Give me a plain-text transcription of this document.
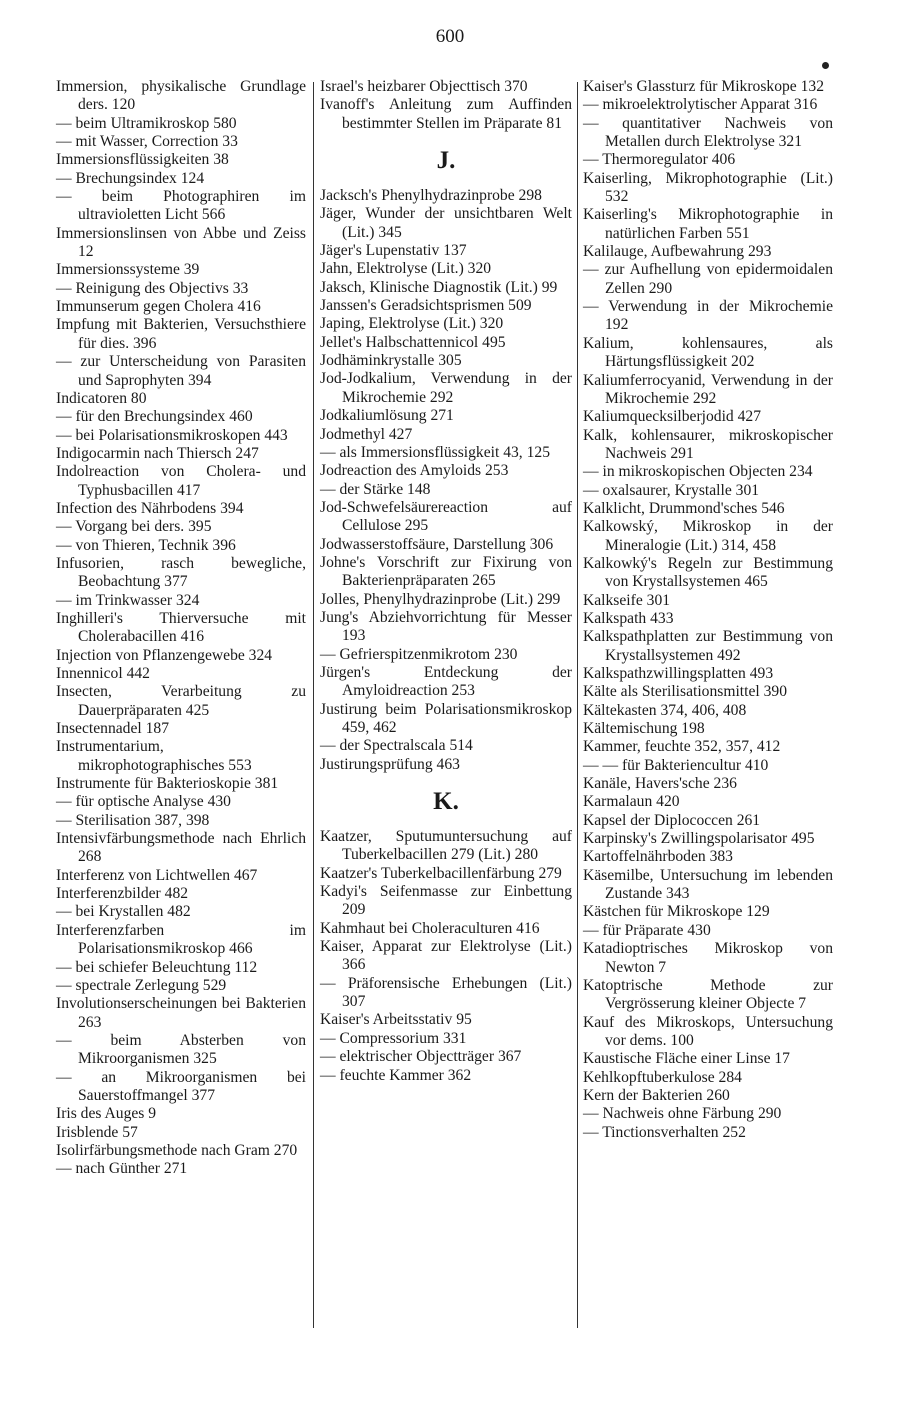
600
Immersion, physikalische Grundlage ders. 120
— beim Ultramikroskop 580
— mit Wasser, Correction 33
Immersionsflüssigkeiten 38
— Brechungsindex 124
— beim Photographiren im ultravioletten Licht 566
Immersionslinsen von Abbe und Zeiss 12
Immersionssysteme 39
— Reinigung des Objectivs 33
Immunserum gegen Cholera 416
Impfung mit Bakterien, Versuchsthiere für dies. 396
— zur Unterscheidung von Parasiten und Saprophyten 394
Indicatoren 80
— für den Brechungsindex 460
— bei Polarisationsmikroskopen 443
Indigocarmin nach Thiersch 247
Indolreaction von Cholera- und Typhusbacillen 417
Infection des Nährbodens 394
— Vorgang bei ders. 395
— von Thieren, Technik 396
Infusorien, rasch bewegliche, Beobachtung 377
— im Trinkwasser 324
Inghilleri's Thierversuche mit Cholerabacillen 416
Injection von Pflanzengewebe 324
Innennicol 442
Insecten, Verarbeitung zu Dauerpräparaten 425
Insectennadel 187
Instrumentarium, mikrophotographisches 553
Instrumente für Bakterioskopie 381
— für optische Analyse 430
— Sterilisation 387, 398
Intensivfärbungsmethode nach Ehrlich 268
Interferenz von Lichtwellen 467
Interferenzbilder 482
— bei Krystallen 482
Interferenzfarben im Polarisationsmikroskop 466
— bei schiefer Beleuchtung 112
— spectrale Zerlegung 529
Involutionserscheinungen bei Bakterien 263
— beim Absterben von Mikroorganismen 325
— an Mikroorganismen bei Sauerstoffmangel 377
Iris des Auges 9
Irisblende 57
Isolirfärbungsmethode nach Gram 270
— nach Günther 271
Israel's heizbarer Objecttisch 370
Ivanoff's Anleitung zum Auffinden bestimmter Stellen im Präparate 81
J.
Jacksch's Phenylhydrazinprobe 298
Jäger, Wunder der unsichtbaren Welt (Lit.) 345
Jäger's Lupenstativ 137
Jahn, Elektrolyse (Lit.) 320
Jaksch, Klinische Diagnostik (Lit.) 99
Janssen's Geradsichtsprismen 509
Japing, Elektrolyse (Lit.) 320
Jellet's Halbschattennicol 495
Jodhäminkrystalle 305
Jod-Jodkalium, Verwendung in der Mikrochemie 292
Jodkaliumlösung 271
Jodmethyl 427
— als Immersionsflüssigkeit 43, 125
Jodreaction des Amyloids 253
— der Stärke 148
Jod-Schwefelsäurereaction auf Cellulose 295
Jodwasserstoffsäure, Darstellung 306
Johne's Vorschrift zur Fixirung von Bakterienpräparaten 265
Jolles, Phenylhydrazinprobe (Lit.) 299
Jung's Abziehvorrichtung für Messer 193
— Gefrierspitzenmikrotom 230
Jürgen's Entdeckung der Amyloidreaction 253
Justirung beim Polarisationsmikroskop 459, 462
— der Spectralscala 514
Justirungsprüfung 463
K.
Kaatzer, Sputumuntersuchung auf Tuberkelbacillen 279 (Lit.) 280
Kaatzer's Tuberkelbacillenfärbung 279
Kadyi's Seifenmasse zur Einbettung 209
Kahmhaut bei Choleraculturen 416
Kaiser, Apparat zur Elektrolyse (Lit.) 366
— Präforensische Erhebungen (Lit.) 307
Kaiser's Arbeitsstativ 95
— Compressorium 331
— elektrischer Objectträger 367
— feuchte Kammer 362
Kaiser's Glassturz für Mikroskope 132
— mikroelektrolytischer Apparat 316
— quantitativer Nachweis von Metallen durch Elektrolyse 321
— Thermoregulator 406
Kaiserling, Mikrophotographie (Lit.) 532
Kaiserling's Mikrophotographie in natürlichen Farben 551
Kalilauge, Aufbewahrung 293
— zur Aufhellung von epidermoidalen Zellen 290
— Verwendung in der Mikrochemie 192
Kalium, kohlensaures, als Härtungsflüssigkeit 202
Kaliumferrocyanid, Verwendung in der Mikrochemie 292
Kaliumquecksilberjodid 427
Kalk, kohlensaurer, mikroskopischer Nachweis 291
— in mikroskopischen Objecten 234
— oxalsaurer, Krystalle 301
Kalklicht, Drummond'sches 546
Kalkowský, Mikroskop in der Mineralogie (Lit.) 314, 458
Kalkowký's Regeln zur Bestimmung von Krystallsystemen 465
Kalkseife 301
Kalkspath 433
Kalkspathplatten zur Bestimmung von Krystallsystemen 492
Kalkspathzwillingsplatten 493
Kälte als Sterilisationsmittel 390
Kältekasten 374, 406, 408
Kältemischung 198
Kammer, feuchte 352, 357, 412
— — für Bakteriencultur 410
Kanäle, Havers'sche 236
Karmalaun 420
Kapsel der Diplococcen 261
Karpinsky's Zwillingspolarisator 495
Kartoffelnährboden 383
Käsemilbe, Untersuchung im lebenden Zustande 343
Kästchen für Mikroskope 129
— für Präparate 430
Katadioptrisches Mikroskop von Newton 7
Katoptrische Methode zur Vergrösserung kleiner Objecte 7
Kauf des Mikroskops, Untersuchung vor dems. 100
Kaustische Fläche einer Linse 17
Kehlkopftuberkulose 284
Kern der Bakterien 260
— Nachweis ohne Färbung 290
— Tinctionsverhalten 252
